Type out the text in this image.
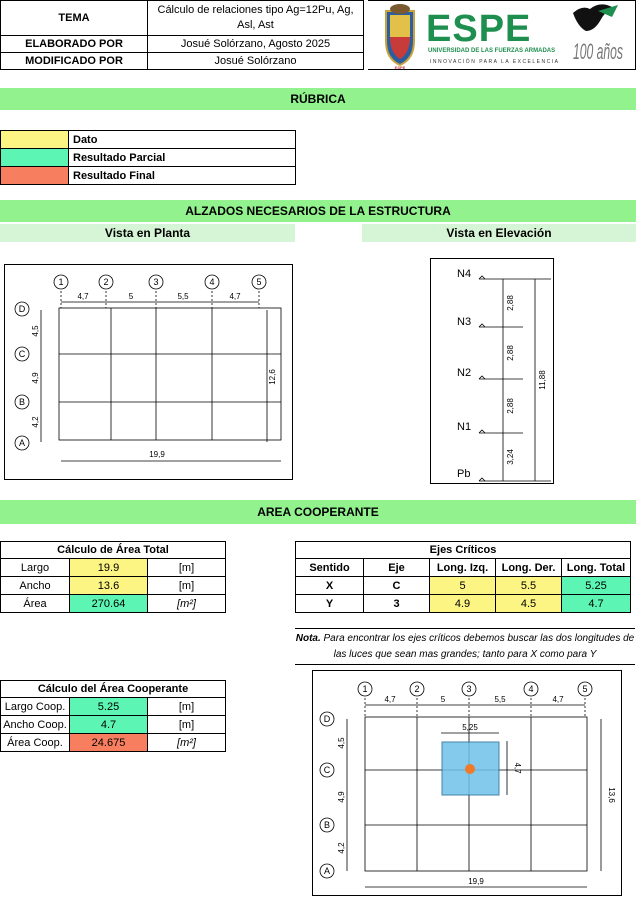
TEMA	Cálculo de relaciones tipo Ag=12Pu, Ag, Asl, Ast
ELABORADO POR	Josué Solórzano, Agosto 2025
MODIFICADO POR	Josué Solórzano
ESPE
ESPE
UNIVERSIDAD DE LAS FUERZAS ARMADAS
INNOVACIÓN PARA LA EXCELENCIA 100 años
RÚBRICA
	Dato
	Resultado Parcial
	Resultado Final
ALZADOS NECESARIOS DE LA ESTRUCTURA
Vista en Planta	Vista en Elevación
1	2	3	4	5
D
C
B
A
4,7	5	5,5	4,7
19,9
4,5
4,9
4,2
12,6
N4
N3
N2
N1
Pb
2,88
2,88
2,88
3,24
11,88
AREA COOPERANTE
Cálculo de Área Total		
Largo	19.9	[m]
Ancho	13.6	[m]
Área	270.64	[m²]
Ejes Críticos				
Sentido	Eje	Long. Izq.	Long. Der.	Long. Total
X	C	5	5.5	5.25
Y	3	4.9	4.5	4.7
Nota. Para encontrar los ejes críticos debemos buscar las dos longitudes de las luces que sean mas grandes; tanto para X como para Y
Cálculo del Área Cooperante		
Largo Coop.	5.25	[m]
Ancho Coop.	4.7	[m]
Área Coop.	24.675	[m²]
1	2	3	4	5
D
C
B
A
4,7	5	5,5	4,7
5,25
19,9
4,5
4,9
4,2
4,7
13,6
